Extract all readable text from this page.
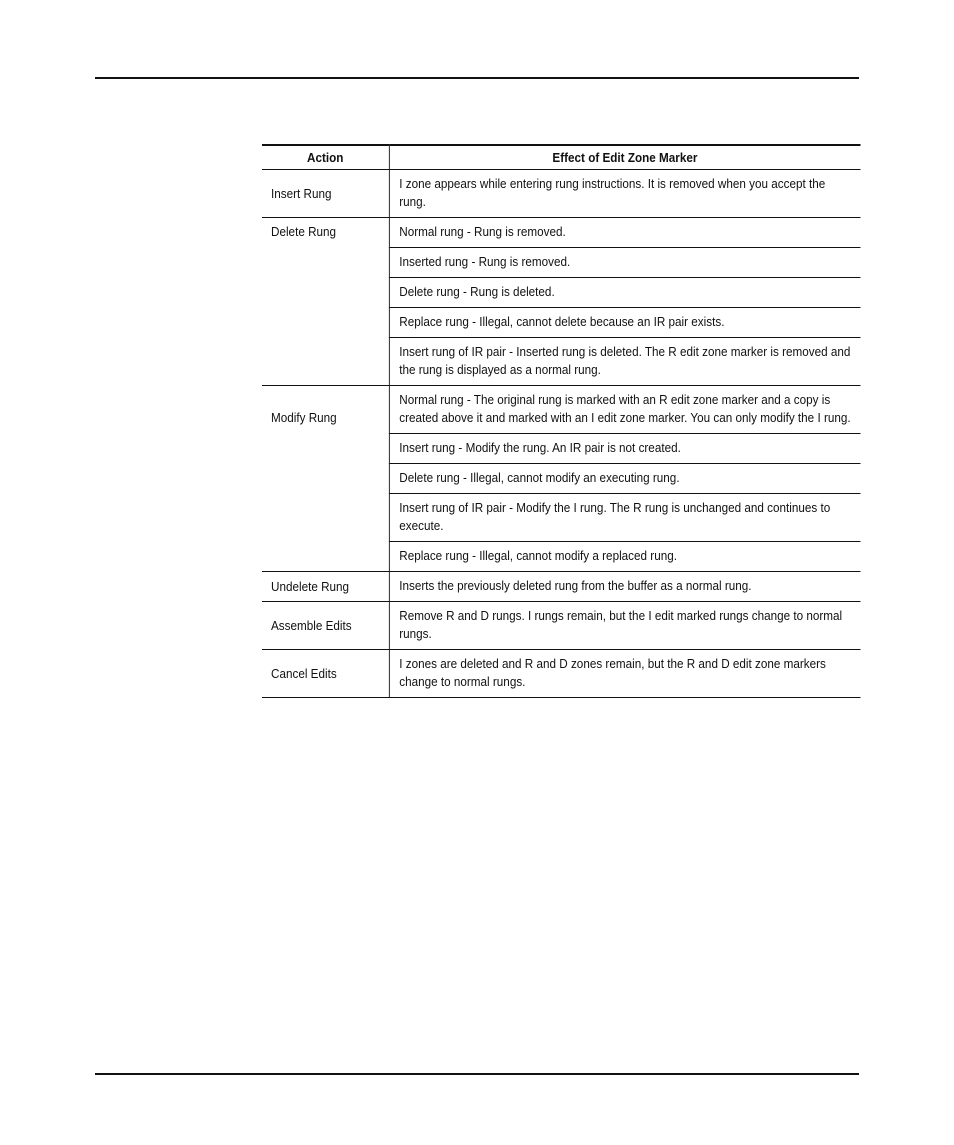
Action	Effect of Edit Zone Marker
Insert Rung	I zone appears while entering rung instructions. It is removed when you accept the rung.
Delete Rung	Normal rung - Rung is removed.
	Inserted rung - Rung is removed.
	Delete rung - Rung is deleted.
	Replace rung - Illegal, cannot delete because an IR pair exists.
	Insert rung of IR pair - Inserted rung is deleted. The R edit zone marker is removed and the rung is displayed as a normal rung.
Modify Rung	Normal rung - The original rung is marked with an R edit zone marker and a copy is created above it and marked with an I edit zone marker. You can only modify the I rung.
	Insert rung - Modify the rung. An IR pair is not created.
	Delete rung - Illegal, cannot modify an executing rung.
	Insert rung of IR pair - Modify the I rung. The R rung is unchanged and continues to execute.
	Replace rung - Illegal, cannot modify a replaced rung.
Undelete Rung	Inserts the previously deleted rung from the buffer as a normal rung.
Assemble Edits	Remove R and D rungs. I rungs remain, but the I edit marked rungs change to normal rungs.
Cancel Edits	I zones are deleted and R and D zones remain, but the R and D edit zone markers change to normal rungs.
